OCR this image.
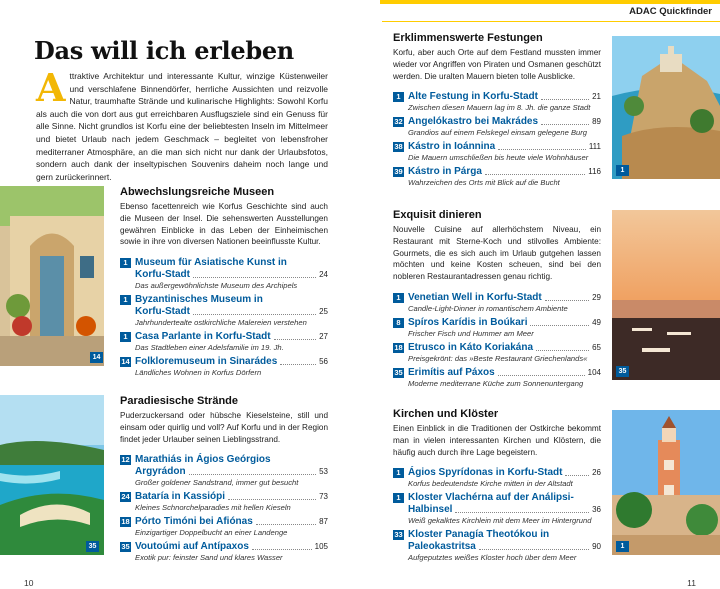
ADAC Quickfinder
Das will ich erleben
Attraktive Architektur und interessante Kultur, winzige Küstenweiler und verschlafene Binnendörfer, herrliche Aussichten und reizvolle Natur, traumhafte Strände und kulinarische Highlights: Sowohl Korfu als auch die von dort aus gut erreichbaren Ausflugsziele sind ein Genuss für alle Sinne. Nicht grundlos ist Korfu eine der beliebtesten Inseln im Mittelmeer und bietet Urlaub nach jedem Geschmack – begleitet von lebensfroher mediterraner Atmosphäre, an die man sich nicht nur dank der Urlaubsfotos, sondern auch dank der inseltypischen Souvenirs daheim noch lange und gern zurückerinnert.
14
Abwechslungsreiche Museen
Ebenso facettenreich wie Korfus Geschichte sind auch die Museen der Insel. Die sehenswerten Ausstellungen gewähren Einblicke in das Leben der Einheimischen sowie in ihre von diversen Nationen beeinflusste Kultur.
1 Museum für Asiatische Kunst in
Korfu-Stadt	24
Das außergewöhnlichste Museum des Archipels
1 Byzantinisches Museum in
Korfu-Stadt	25
Jahrhundertealte ostkirchliche Malereien verstehen
1 Casa Parlante in Korfu-Stadt	27
Das Stadtleben einer Adelsfamilie im 19. Jh.
14 Folkloremuseum in Sinarádes	56
Ländliches Wohnen in Korfus Dörfern
35
Paradiesische Strände
Puderzuckersand oder hübsche Kieselsteine, still und einsam oder quirlig und voll? Auf Korfu und in der Region findet jeder Urlauber seinen Lieblingsstrand.
12 Marathiás in Ágios Geórgios
Argyrádon	53
Großer goldener Sandstrand, immer gut besucht
24 Bataría in Kassiópi	73
Kleines Schnorchelparadies mit hellen Kieseln
18 Pórto Timóni bei Afiónas	87
Einzigartiger Doppelbucht an einer Landenge
35 Voutoúmi auf Antípaxos	105
Exotik pur: feinster Sand und klares Wasser
10
Erklimmenswerte Festungen
Korfu, aber auch Orte auf dem Festland mussten immer wieder vor Angriffen von Piraten und Osmanen geschützt werden. Die uralten Mauern bieten tolle Ausblicke.
1 Alte Festung in Korfu-Stadt	21
Zwischen diesen Mauern lag im 8. Jh. die ganze Stadt
32 Angelókastro bei Makrádes	89
Grandios auf einem Felskegel einsam gelegene Burg
38 Kástro in Ioánnina	111
Die Mauern umschließen bis heute viele Wohnhäuser
39 Kástro in Párga	116
Wahrzeichen des Orts mit Blick auf die Bucht
1
Exquisit dinieren
Nouvelle Cuisine auf allerhöchstem Niveau, ein Restaurant mit Sterne-Koch und stilvolles Ambiente: Gourmets, die es sich auch im Urlaub gutgehen lassen möchten und keine Kosten scheuen, sind bei den nobleren Restaurantadressen genau richtig.
1 Venetian Well in Korfu-Stadt	29
Candle-Light-Dinner in romantischem Ambiente
8 Spíros Karídis in Boúkari	49
Frischer Fisch und Hummer am Meer
18 Etrusco in Káto Koriakána	65
Preisgekrönt: das »Beste Restaurant Griechenlands«
35 Erimítis auf Páxos	104
Moderne mediterrane Küche zum Sonnenuntergang
35
Kirchen und Klöster
Einen Einblick in die Traditionen der Ostkirche bekommt man in vielen interessanten Kirchen und Klöstern, die häufig auch durch ihre Lage begeistern.
1 Ágios Spyrídonas in Korfu-Stadt	26
Korfus bedeutendste Kirche mitten in der Altstadt
1 Kloster Vlachérna auf der Análipsi-
Halbinsel	36
Weiß gekalktes Kirchlein mit dem Meer im Hintergrund
33 Kloster Panagía Theotókou in
Paleokastritsa	90
Aufgeputztes weißes Kloster hoch über dem Meer
1
11
